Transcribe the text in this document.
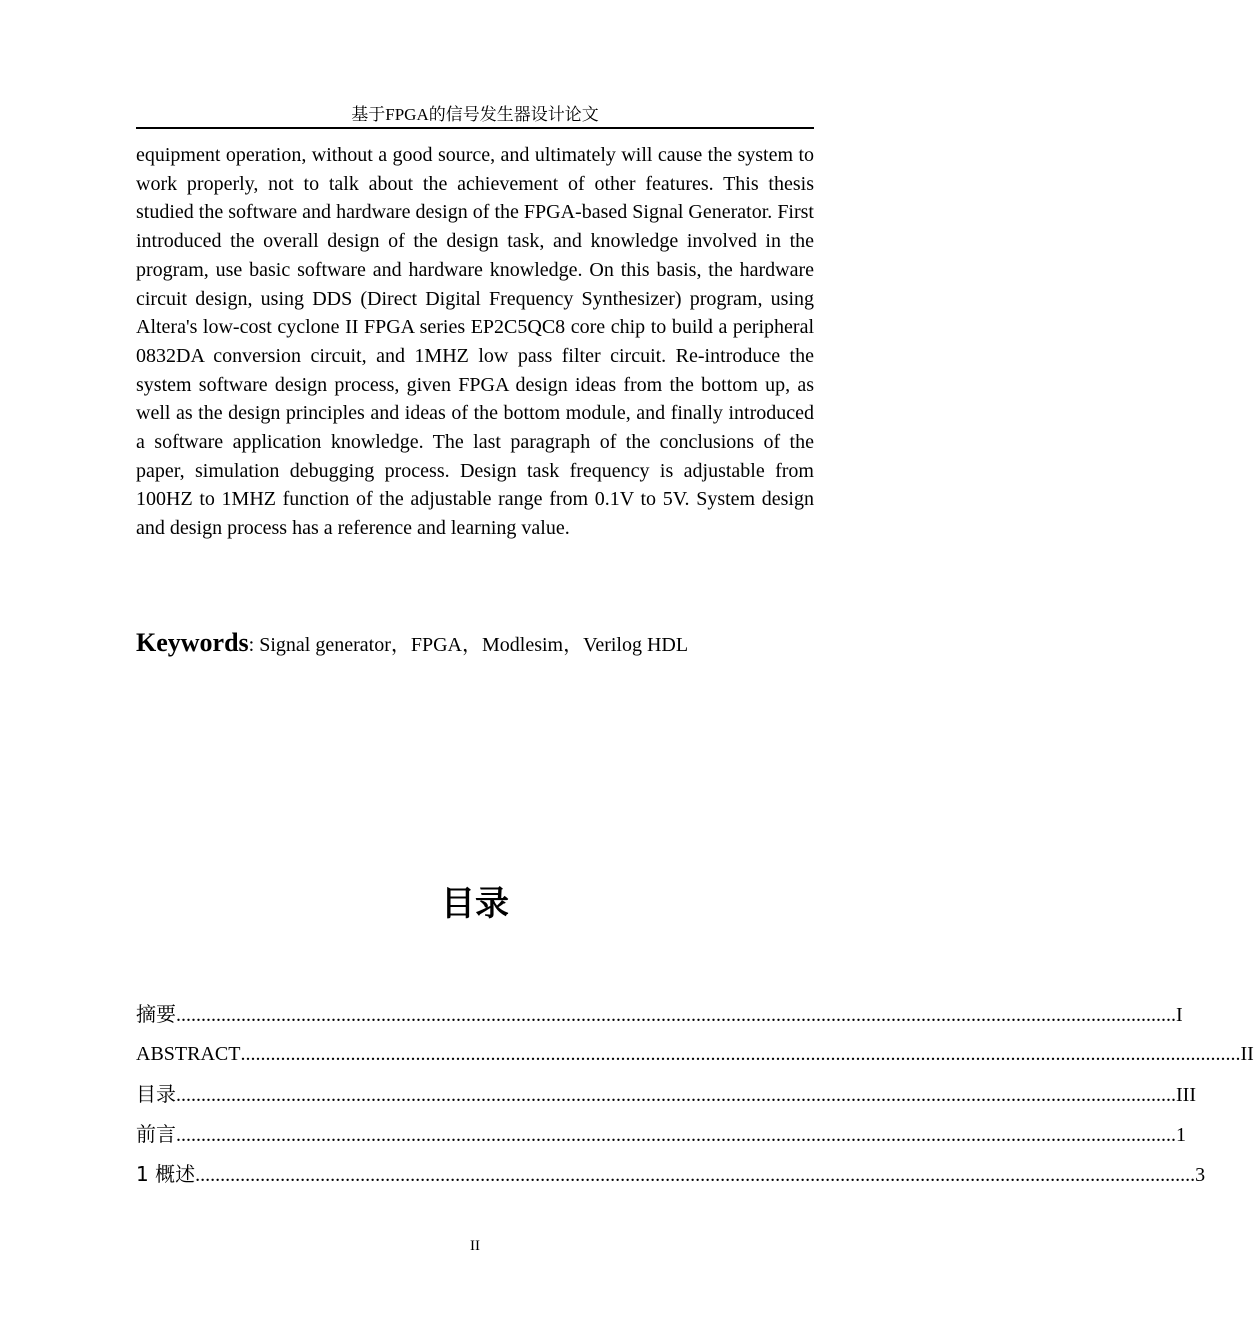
基于FPGA的信号发生器设计论文

equipment operation, without a good source, and ultimately will cause the system to work properly, not to talk about the achievement of other features. This thesis studied the software and hardware design of the FPGA-based Signal Generator. First introduced the overall design of the design task, and knowledge involved in the program, use basic software and hardware knowledge. On this basis, the hardware circuit design, using DDS (Direct Digital Frequency Synthesizer) program, using Altera's low-cost cyclone II FPGA series EP2C5QC8 core chip to build a peripheral 0832DA conversion circuit, and 1MHZ low pass filter circuit. Re-introduce the system software design process, given FPGA design ideas from the bottom up, as well as the design principles and ideas of the bottom module, and finally introduced a software application knowledge. The last paragraph of the conclusions of the paper, simulation debugging process. Design task frequency is adjustable from 100HZ to 1MHZ function of the adjustable range from 0.1V to 5V. System design and design process has a reference and learning value.

Keywords: Signal generator，FPGA，Modlesim，Verilog HDL
目录
摘要 ........................................................................................................................................................................................................ I
ABSTRACT ........................................................................................................................................................................................................ II
目录 ........................................................................................................................................................................................................ III
前言 ........................................................................................................................................................................................................ 1
1 概述 ........................................................................................................................................................................................................ 3
II
